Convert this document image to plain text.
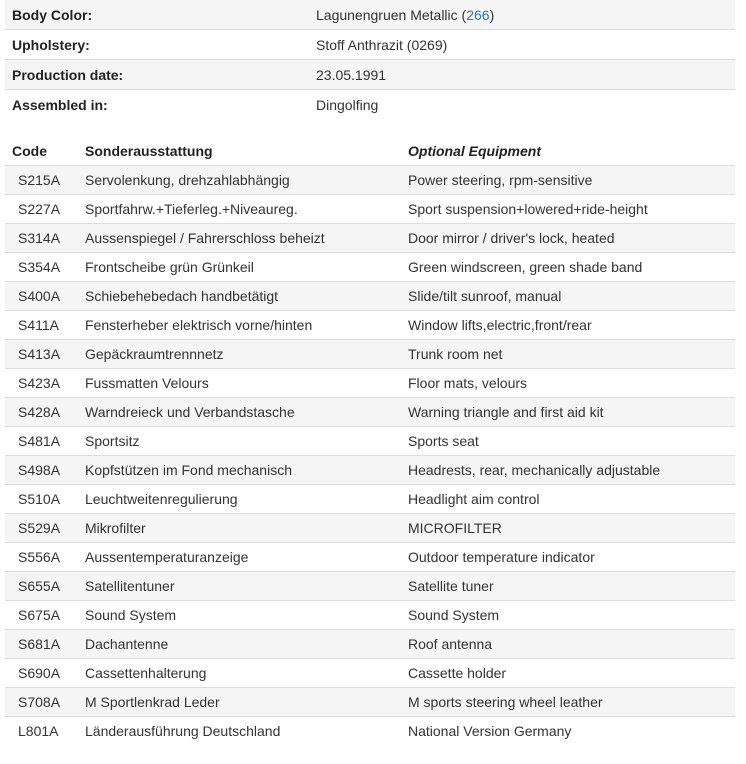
Body Color:	Lagunengruen Metallic (266)
Upholstery:	Stoff Anthrazit (0269)
Production date:	23.05.1991
Assembled in:	Dingolfing
Code	Sonderausstattung	Optional Equipment
S215A	Servolenkung, drehzahlabhängig	Power steering, rpm-sensitive
S227A	Sportfahrw.+Tieferleg.+Niveaureg.	Sport suspension+lowered+ride-height
S314A	Aussenspiegel / Fahrerschloss beheizt	Door mirror / driver's lock, heated
S354A	Frontscheibe grün Grünkeil	Green windscreen, green shade band
S400A	Schiebehebedach handbetätigt	Slide/tilt sunroof, manual
S411A	Fensterheber elektrisch vorne/hinten	Window lifts,electric,front/rear
S413A	Gepäckraumtrennnetz	Trunk room net
S423A	Fussmatten Velours	Floor mats, velours
S428A	Warndreieck und Verbandstasche	Warning triangle and first aid kit
S481A	Sportsitz	Sports seat
S498A	Kopfstützen im Fond mechanisch	Headrests, rear, mechanically adjustable
S510A	Leuchtweitenregulierung	Headlight aim control
S529A	Mikrofilter	MICROFILTER
S556A	Aussentemperaturanzeige	Outdoor temperature indicator
S655A	Satellitentuner	Satellite tuner
S675A	Sound System	Sound System
S681A	Dachantenne	Roof antenna
S690A	Cassettenhalterung	Cassette holder
S708A	M Sportlenkrad Leder	M sports steering wheel leather
L801A	Länderausführung Deutschland	National Version Germany
